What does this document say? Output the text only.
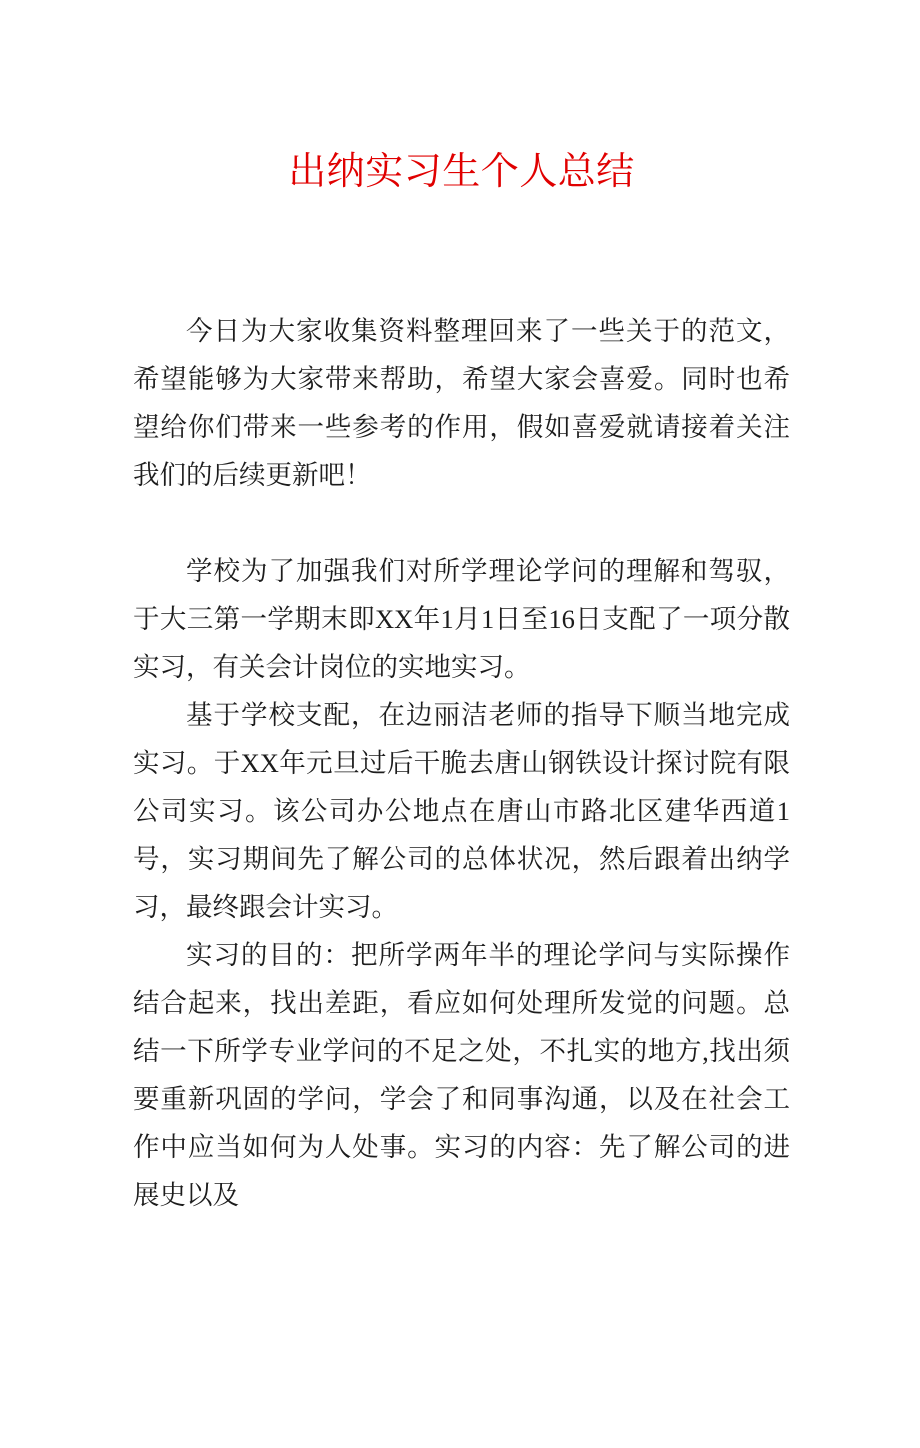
出纳实习生个人总结

今日为大家收集资料整理回来了一些关于的范文，希望能够为大家带来帮助，希望大家会喜爱。同时也希望给你们带来一些参考的作用，假如喜爱就请接着关注我们的后续更新吧！

学校为了加强我们对所学理论学问的理解和驾驭，于大三第一学期末即XX年1月1日至16日支配了一项分散实习，有关会计岗位的实地实习。

基于学校支配，在边丽洁老师的指导下顺当地完成实习。于XX年元旦过后干脆去唐山钢铁设计探讨院有限公司实习。该公司办公地点在唐山市路北区建华西道1号，实习期间先了解公司的总体状况，然后跟着出纳学习，最终跟会计实习。

实习的目的：把所学两年半的理论学问与实际操作结合起来，找出差距，看应如何处理所发觉的问题。总结一下所学专业学问的不足之处，不扎实的地方,找出须要重新巩固的学问，学会了和同事沟通，以及在社会工作中应当如何为人处事。实习的内容：先了解公司的进展史以及
